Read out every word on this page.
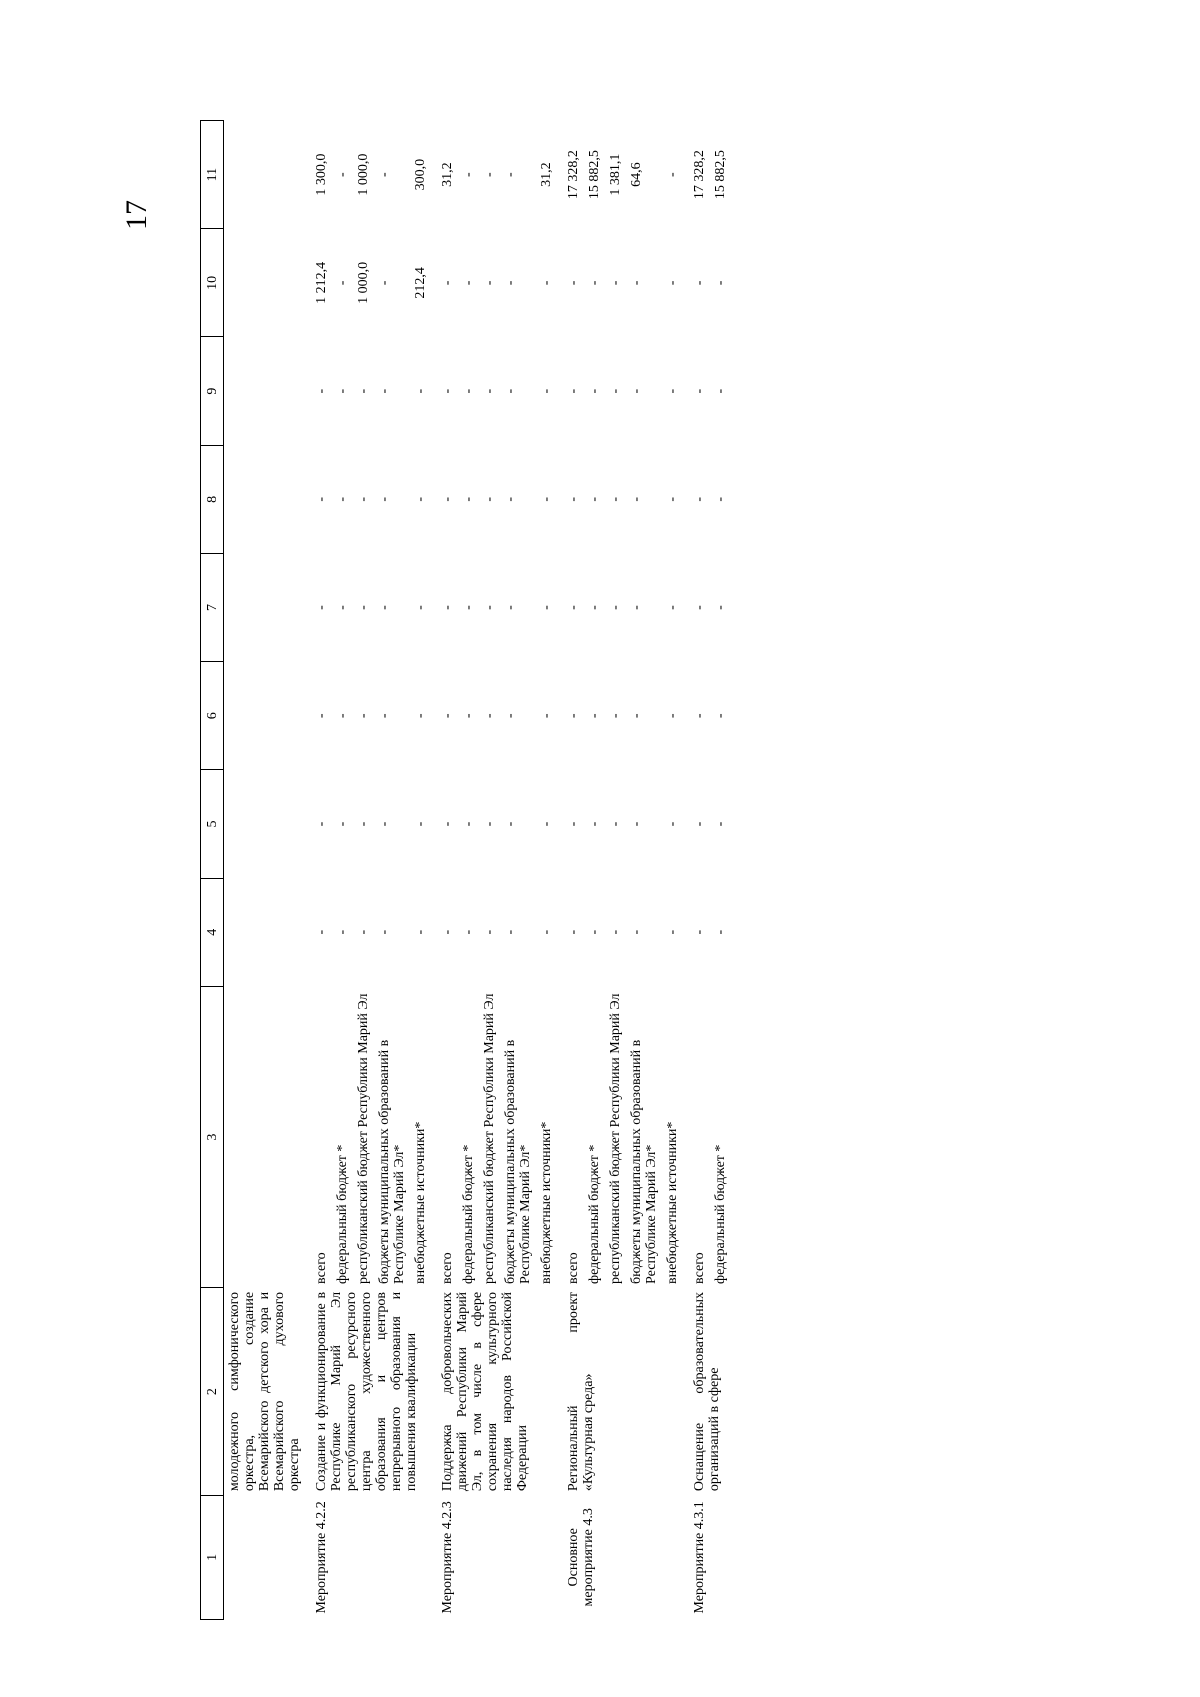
17
1	2	3	4	5	6	7	8	9	10	11
	молодежного симфонического оркестра, создание Всемарийского детского хора и Всемарийского духового оркестра									
Мероприятие 4.2.2	Создание и функционирование в Республике Марий Эл республиканского ресурсного центра художественного образования и центров непрерывного образования и повышения квалификации	всего	-	-	-	-	-	-	1 212,4	1 300,0
		федеральный бюджет *	-	-	-	-	-	-	-	-
		республиканский бюджет Республики Марий Эл	-	-	-	-	-	-	1 000,0	1 000,0
		бюджеты муниципальных образований в Республике Марий Эл*	-	-	-	-	-	-	-	-
		внебюджетные источники*	-	-	-	-	-	-	212,4	300,0
Мероприятие 4.2.3	Поддержка добровольческих движений Республики Марий Эл, в том числе в сфере сохранения культурного наследия народов Российской Федерации	всего	-	-	-	-	-	-	-	31,2
		федеральный бюджет *	-	-	-	-	-	-	-	-
		республиканский бюджет Республики Марий Эл	-	-	-	-	-	-	-	-
		бюджеты муниципальных образований в Республике Марий Эл*	-	-	-	-	-	-	-	-
		внебюджетные источники*	-	-	-	-	-	-	-	31,2
Основное мероприятие 4.3	Региональный проект «Культурная среда»	всего	-	-	-	-	-	-	-	17 328,2
		федеральный бюджет *	-	-	-	-	-	-	-	15 882,5
		республиканский бюджет Республики Марий Эл	-	-	-	-	-	-	-	1 381,1
		бюджеты муниципальных образований в Республике Марий Эл*	-	-	-	-	-	-	-	64,6
		внебюджетные источники*	-	-	-	-	-	-	-	-
Мероприятие 4.3.1	Оснащение образовательных организаций в сфере	всего	-	-	-	-	-	-	-	17 328,2
		федеральный бюджет *	-	-	-	-	-	-	-	15 882,5
